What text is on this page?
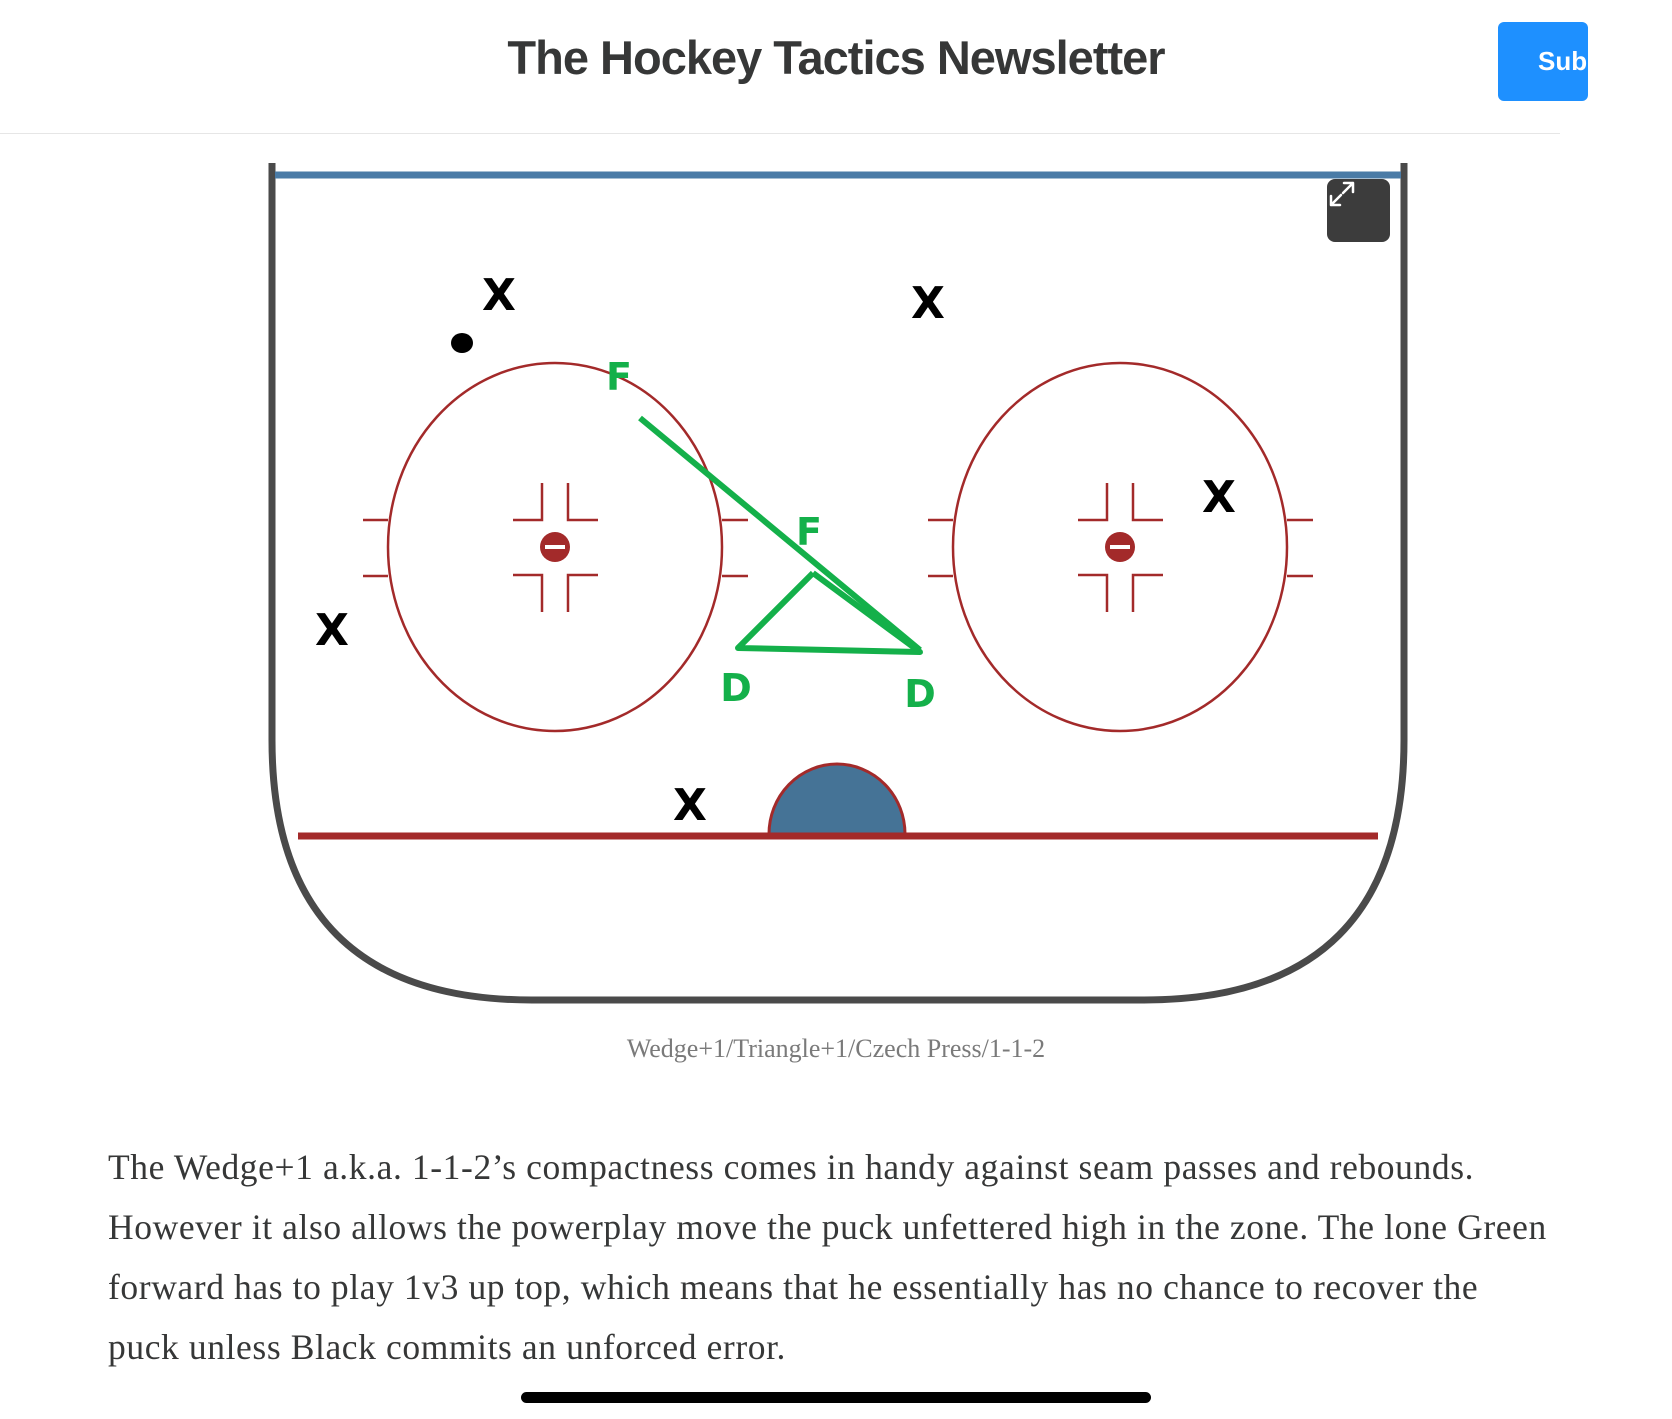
The Hockey Tactics Newsletter	Subscribe
F
F
D	D
X	X
X
X
X

Wedge+1/Triangle+1/Czech Press/1-1-2

The Wedge+1 a.k.a. 1-1-2’s compactness comes in handy against seam passes and rebounds. However it also allows the powerplay move the puck unfettered high in the zone. The lone Green forward has to play 1v3 up top, which means that he essentially has no chance to recover the puck unless Black commits an unforced error.
